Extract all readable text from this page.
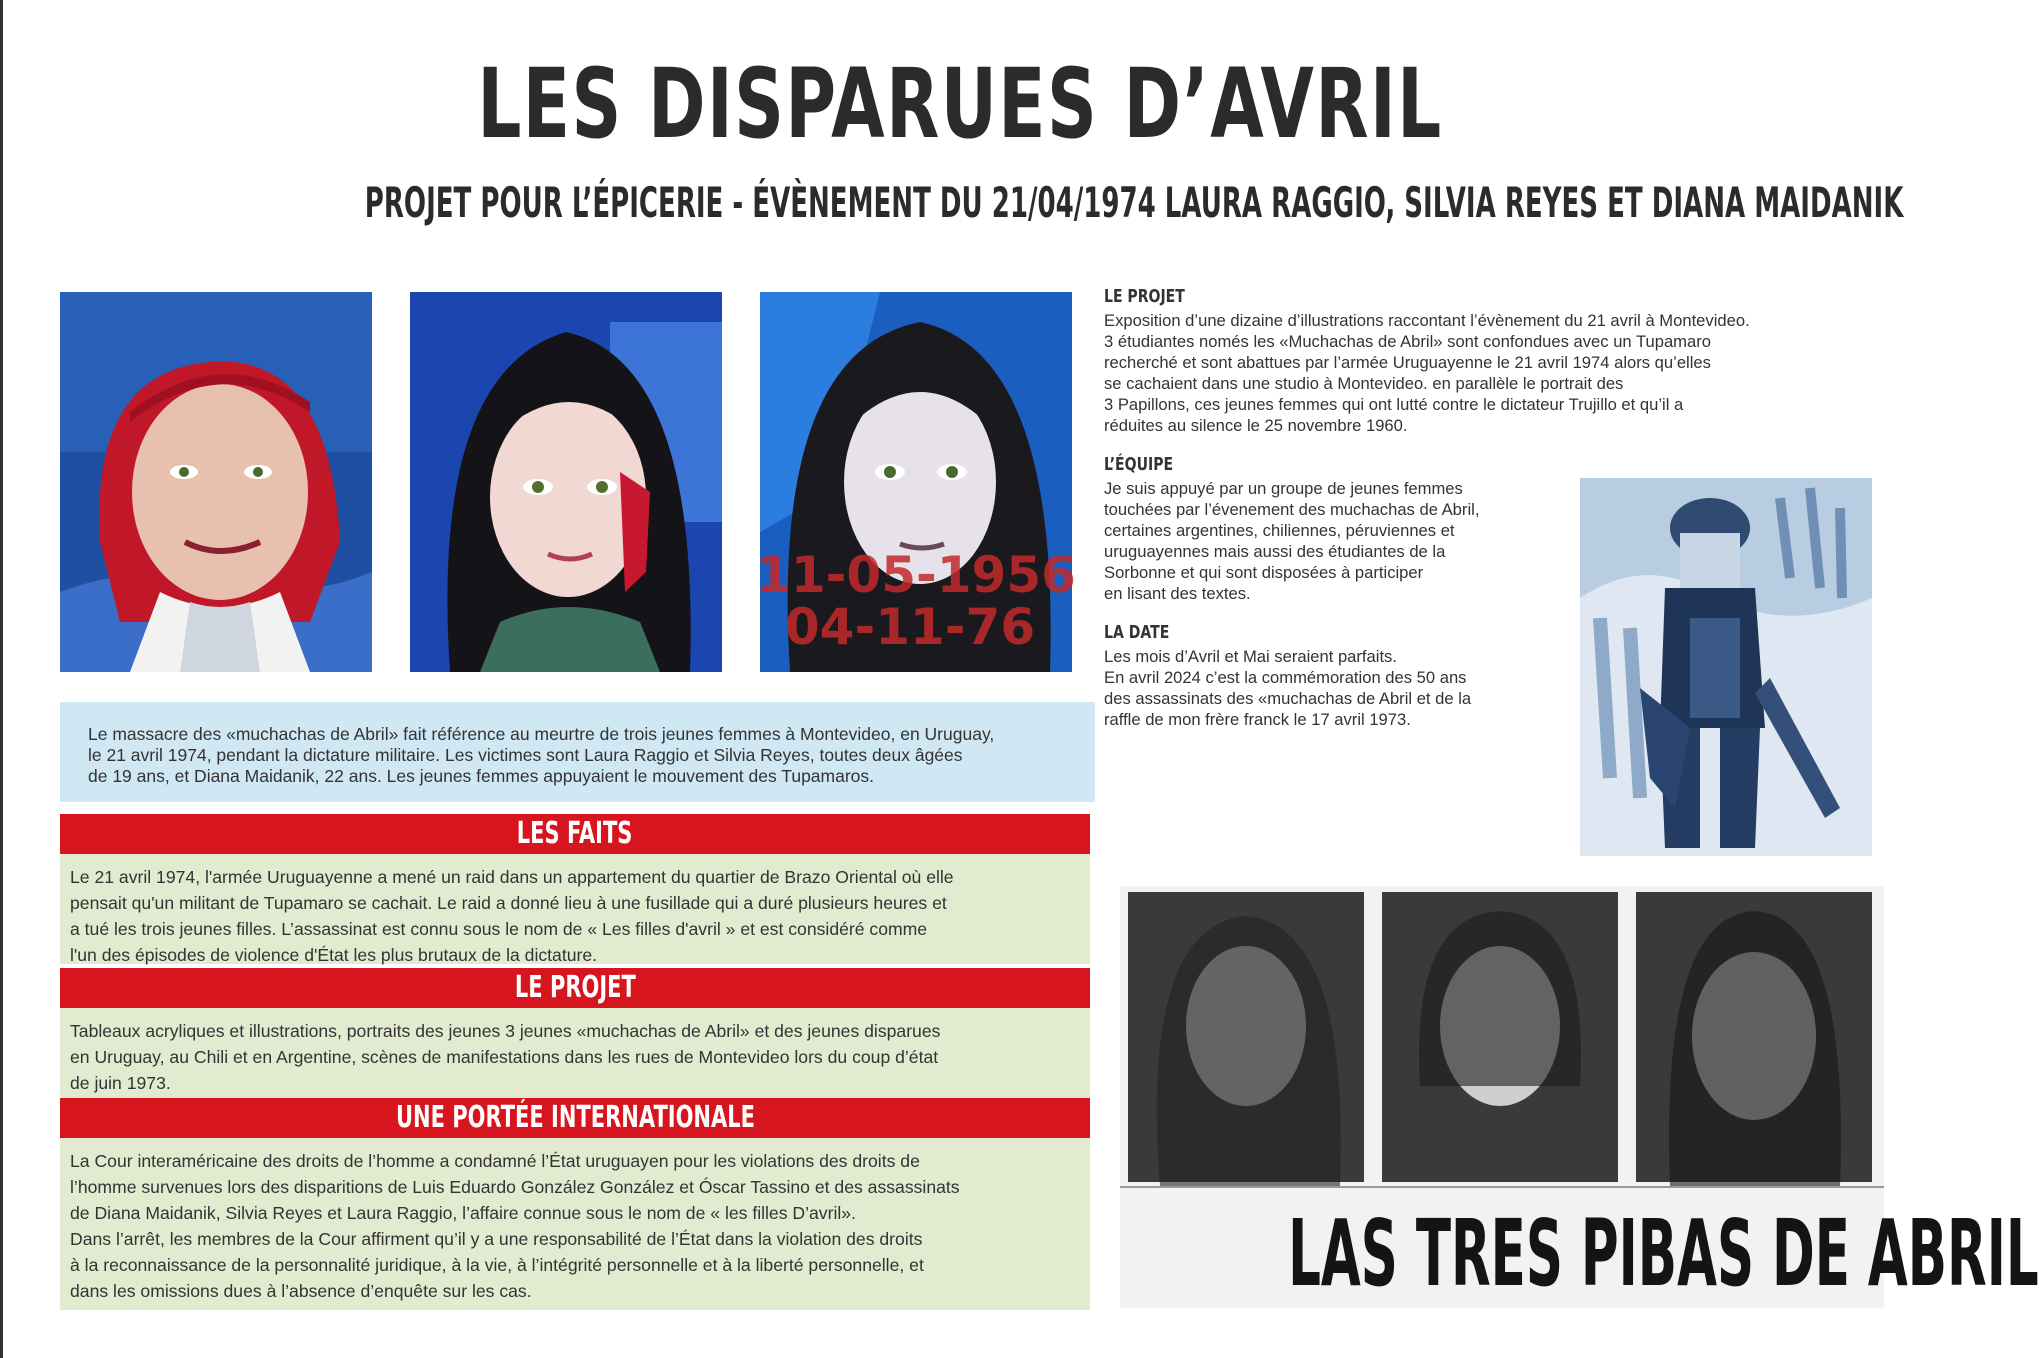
LES DISPARUES D’AVRIL
PROJET POUR L’ÉPICERIE - ÉVÈNEMENT DU 21/04/1974 LAURA RAGGIO, SILVIA REYES ET DIANA MAIDANIK
11-05-1956
04-11-76

Le massacre des «muchachas de Abril» fait référence au meurtre de trois jeunes femmes à Montevideo, en Uruguay,

le 21 avril 1974, pendant la dictature militaire. Les victimes sont Laura Raggio et Silvia Reyes, toutes deux âgées

de 19 ans, et Diana Maidanik, 22 ans. Les jeunes femmes appuyaient le mouvement des Tupamaros.

LES FAITS

Le 21 avril 1974, l'armée Uruguayenne a mené un raid dans un appartement du quartier de Brazo Oriental où elle

pensait qu'un militant de Tupamaro se cachait. Le raid a donné lieu à une fusillade qui a duré plusieurs heures et

a tué les trois jeunes filles. L’assassinat est connu sous le nom de « Les filles d'avril » et est considéré comme

l'un des épisodes de violence d'État les plus brutaux de la dictature.

LE PROJET

Tableaux acryliques et illustrations, portraits des jeunes 3 jeunes «muchachas de Abril» et des jeunes disparues

en Uruguay, au Chili et en Argentine, scènes de manifestations dans les rues de Montevideo lors du coup d’état

de juin 1973.

UNE PORTÉE INTERNATIONALE

La Cour interaméricaine des droits de l’homme a condamné l’État uruguayen pour les violations des droits de

l’homme survenues lors des disparitions de Luis Eduardo González González et Óscar Tassino et des assassinats

de Diana Maidanik, Silvia Reyes et Laura Raggio, l’affaire connue sous le nom de « les filles D’avril».

Dans l’arrêt, les membres de la Cour affirment qu’il y a une responsabilité de l’État dans la violation des droits

à la reconnaissance de la personnalité juridique, à la vie, à l’intégrité personnelle et à la liberté personnelle, et

dans les omissions dues à l’absence d’enquête sur les cas.

LE PROJET

Exposition d’une dizaine d’illustrations raccontant l’évènement du 21 avril à Montevideo.

3 étudiantes només les «Muchachas de Abril» sont confondues avec un Tupamaro

recherché et sont abattues par l’armée Uruguayenne le 21 avril 1974 alors qu’elles

se cachaient dans une studio à Montevideo. en parallèle le portrait des

3 Papillons, ces jeunes femmes qui ont lutté contre le dictateur Trujillo et qu’il a

réduites au silence le 25 novembre 1960.

L’ÉQUIPE

Je suis appuyé par un groupe de jeunes femmes

touchées par l’évenement des muchachas de Abril,

certaines argentines, chiliennes, péruviennes et

uruguayennes mais aussi des étudiantes de la

Sorbonne et qui sont disposées à participer

en lisant des textes.

LA DATE

Les mois d’Avril et Mai seraient parfaits.

En avril 2024 c’est la commémoration des 50 ans

des assassinats des «muchachas de Abril et de la

raffle de mon frère franck le 17 avril 1973.

LAS TRES PIBAS DE ABRIL
